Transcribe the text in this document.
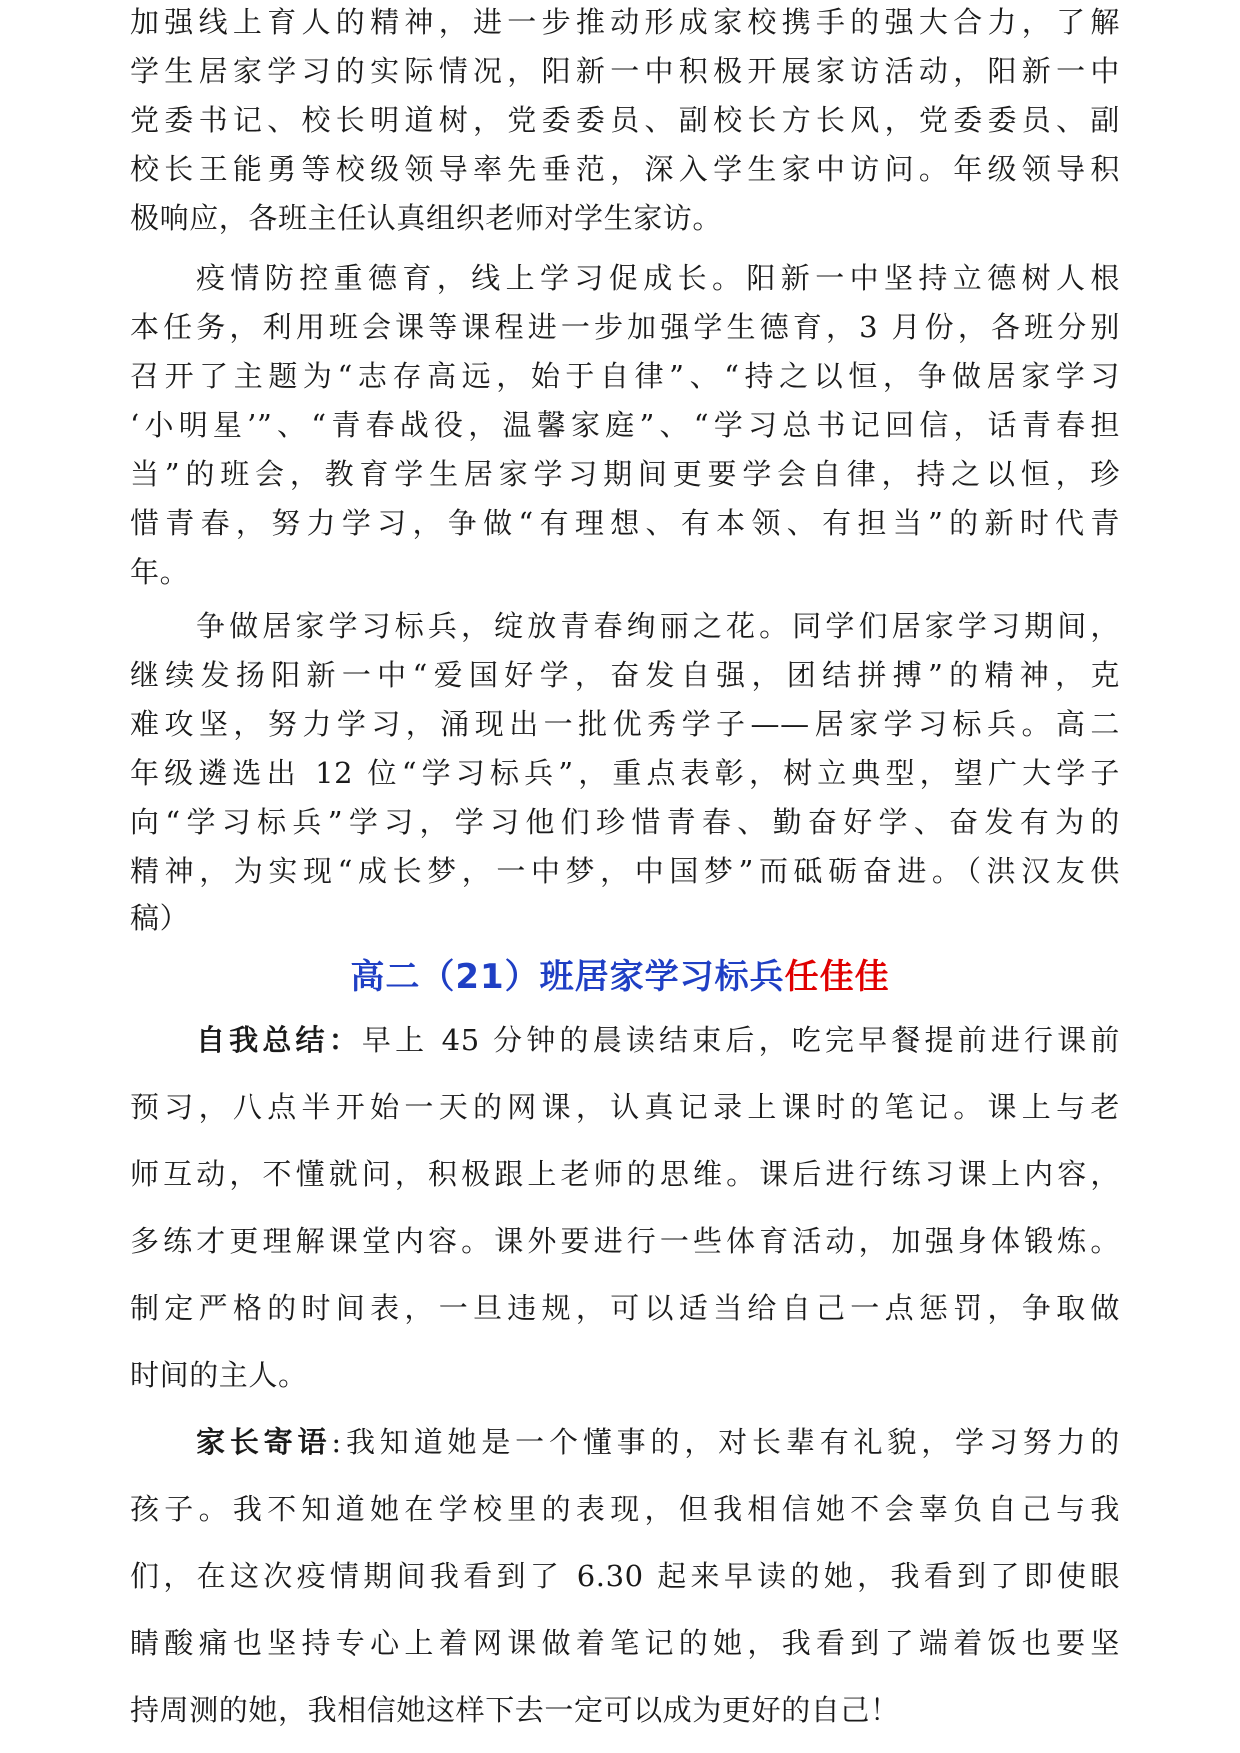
加强线上育人的精神，进一步推动形成家校携手的强大合力，了解
学生居家学习的实际情况，阳新一中积极开展家访活动，阳新一中
党委书记、校长明道树，党委委员、副校长方长风，党委委员、副
校长王能勇等校级领导率先垂范，深入学生家中访问。年级领导积
极响应，各班主任认真组织老师对学生家访。
疫情防控重德育，线上学习促成长。阳新一中坚持立德树人根
本任务，利用班会课等课程进一步加强学生德育，3 月份，各班分别
召开了主题为“志存高远，始于自律”、“持之以恒，争做居家学习
‘小明星’”、“青春战役，温馨家庭”、“学习总书记回信，话青春担
当”的班会，教育学生居家学习期间更要学会自律，持之以恒，珍
惜青春，努力学习，争做“有理想、有本领、有担当”的新时代青
年。
争做居家学习标兵，绽放青春绚丽之花。同学们居家学习期间，
继续发扬阳新一中“爱国好学，奋发自强，团结拼搏”的精神，克
难攻坚，努力学习，涌现出一批优秀学子——居家学习标兵。高二
年级遴选出 12 位“学习标兵”，重点表彰，树立典型，望广大学子
向“学习标兵”学习，学习他们珍惜青春、勤奋好学、奋发有为的
精神，为实现“成长梦，一中梦，中国梦”而砥砺奋进。（洪汉友供
稿）
高二（21）班居家学习标兵任佳佳
自我总结：早上 45 分钟的晨读结束后，吃完早餐提前进行课前
预习，八点半开始一天的网课，认真记录上课时的笔记。课上与老
师互动，不懂就问，积极跟上老师的思维。课后进行练习课上内容，
多练才更理解课堂内容。课外要进行一些体育活动，加强身体锻炼。
制定严格的时间表，一旦违规，可以适当给自己一点惩罚，争取做
时间的主人。
家长寄语:我知道她是一个懂事的，对长辈有礼貌，学习努力的
孩子。我不知道她在学校里的表现，但我相信她不会辜负自己与我
们，在这次疫情期间我看到了 6.30 起来早读的她，我看到了即使眼
睛酸痛也坚持专心上着网课做着笔记的她，我看到了端着饭也要坚
持周测的她，我相信她这样下去一定可以成为更好的自己！
